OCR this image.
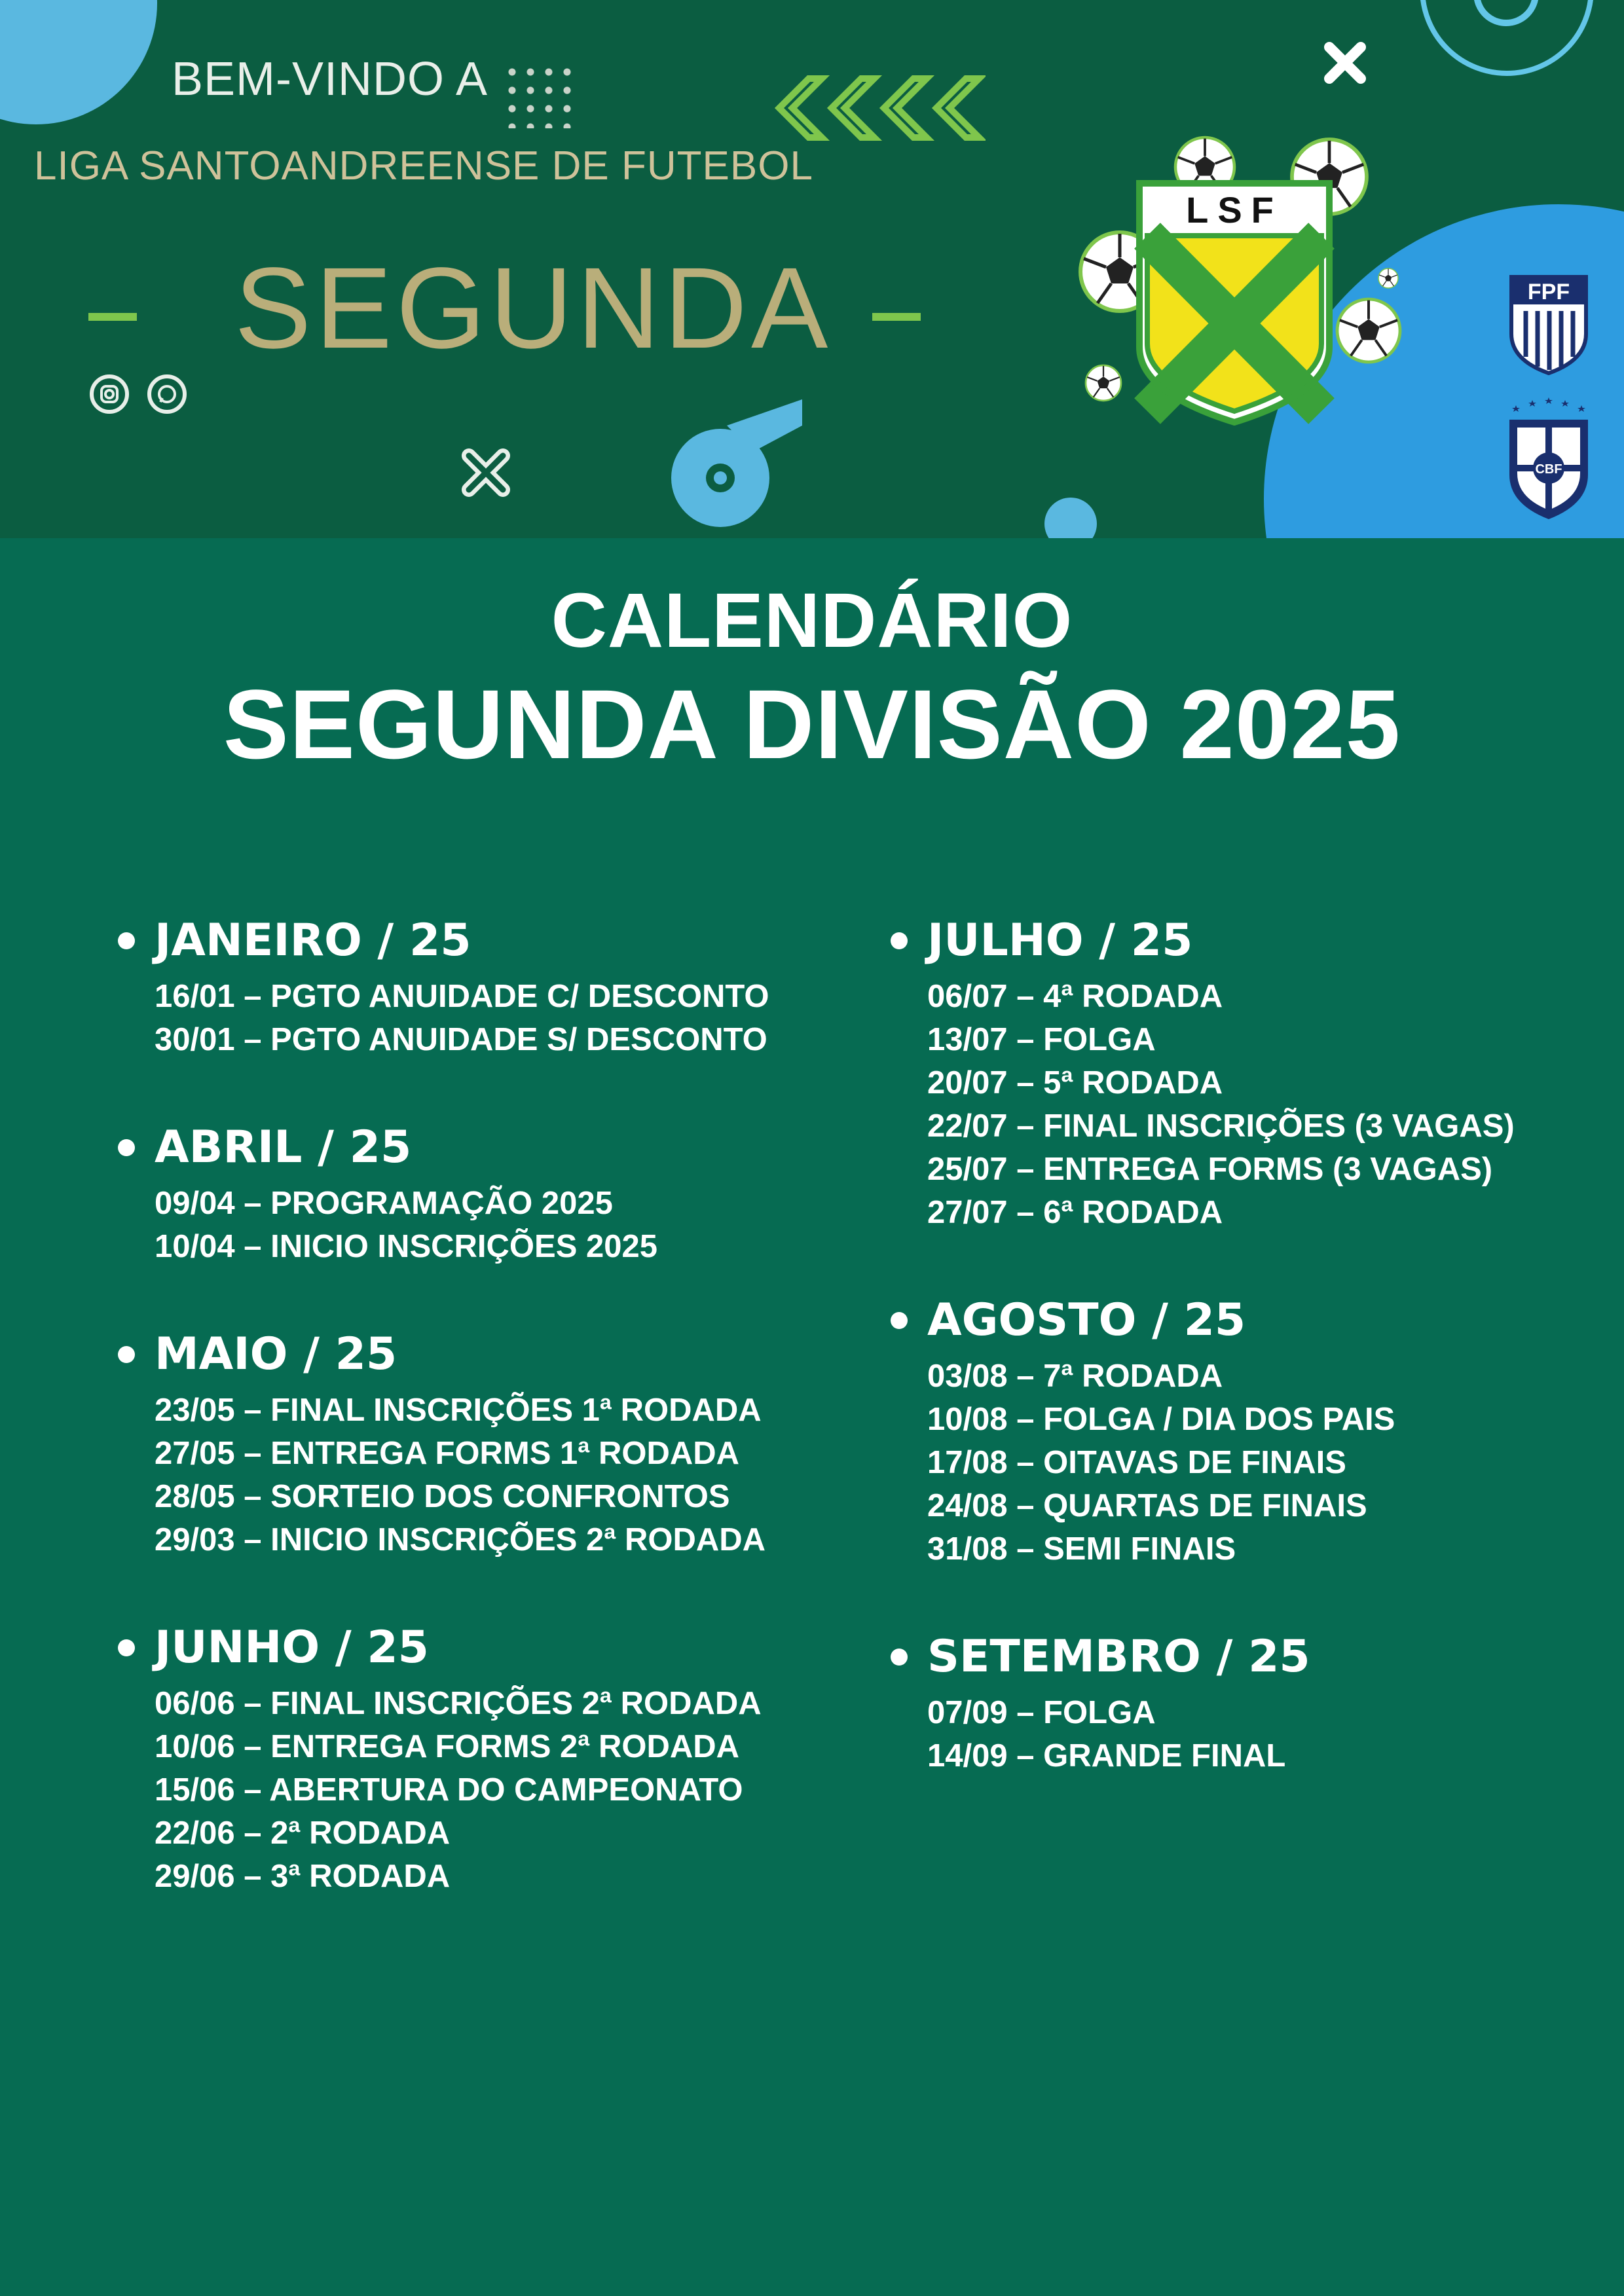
BEM-VINDO A
LIGA SANTOANDREENSE DE FUTEBOL
SEGUNDA
LSF
FPF
CBF
CALENDÁRIO
SEGUNDA DIVISÃO 2025
JANEIRO / 25
16/01 – PGTO ANUIDADE C/ DESCONTO
30/01 – PGTO ANUIDADE S/ DESCONTO
ABRIL / 25
09/04 – PROGRAMAÇÃO 2025
10/04 – INICIO INSCRIÇÕES 2025
MAIO / 25
23/05 – FINAL INSCRIÇÕES 1ª RODADA
27/05 – ENTREGA FORMS 1ª RODADA
28/05 – SORTEIO DOS CONFRONTOS
29/03 – INICIO INSCRIÇÕES 2ª RODADA
JUNHO / 25
06/06 – FINAL INSCRIÇÕES 2ª RODADA
10/06 – ENTREGA FORMS 2ª RODADA
15/06 – ABERTURA DO CAMPEONATO
22/06 – 2ª RODADA
29/06 – 3ª RODADA
JULHO / 25
06/07 – 4ª RODADA
13/07 – FOLGA
20/07 – 5ª RODADA
22/07 – FINAL INSCRIÇÕES (3 VAGAS)
25/07 – ENTREGA FORMS (3 VAGAS)
27/07 – 6ª RODADA
AGOSTO / 25
03/08 – 7ª RODADA
10/08 – FOLGA / DIA DOS PAIS
17/08 – OITAVAS DE FINAIS
24/08 – QUARTAS DE FINAIS
31/08 – SEMI FINAIS
SETEMBRO / 25
07/09 – FOLGA
14/09 – GRANDE FINAL
